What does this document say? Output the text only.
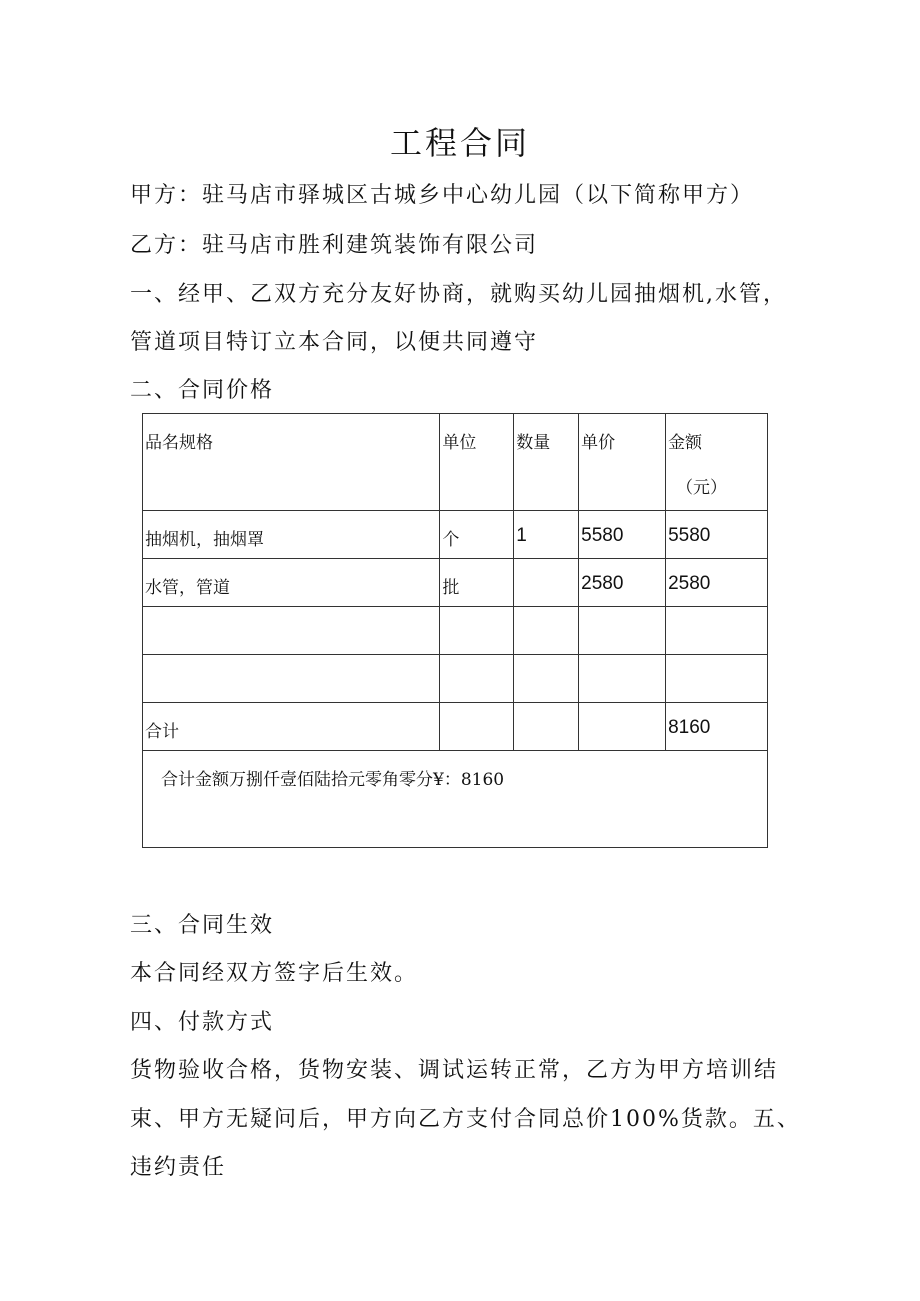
工程合同
甲方：驻马店市驿城区古城乡中心幼儿园（以下简称甲方）
乙方：驻马店市胜利建筑装饰有限公司
一、经甲、乙双方充分友好协商，就购买幼儿园抽烟机,水管，
管道项目特订立本合同，以便共同遵守
二、合同价格
品名规格	单位	数量	单价	金额
（元）

抽烟机，抽烟罩	个	1	5580	5580
水管，管道	批		2580	2580

合计				8160
合计金额万捌仟壹佰陆拾元零角零分¥：8160				
三、合同生效
本合同经双方签字后生效。
四、付款方式
货物验收合格，货物安装、调试运转正常，乙方为甲方培训结
束、甲方无疑问后，甲方向乙方支付合同总价100%货款。五、
违约责任
